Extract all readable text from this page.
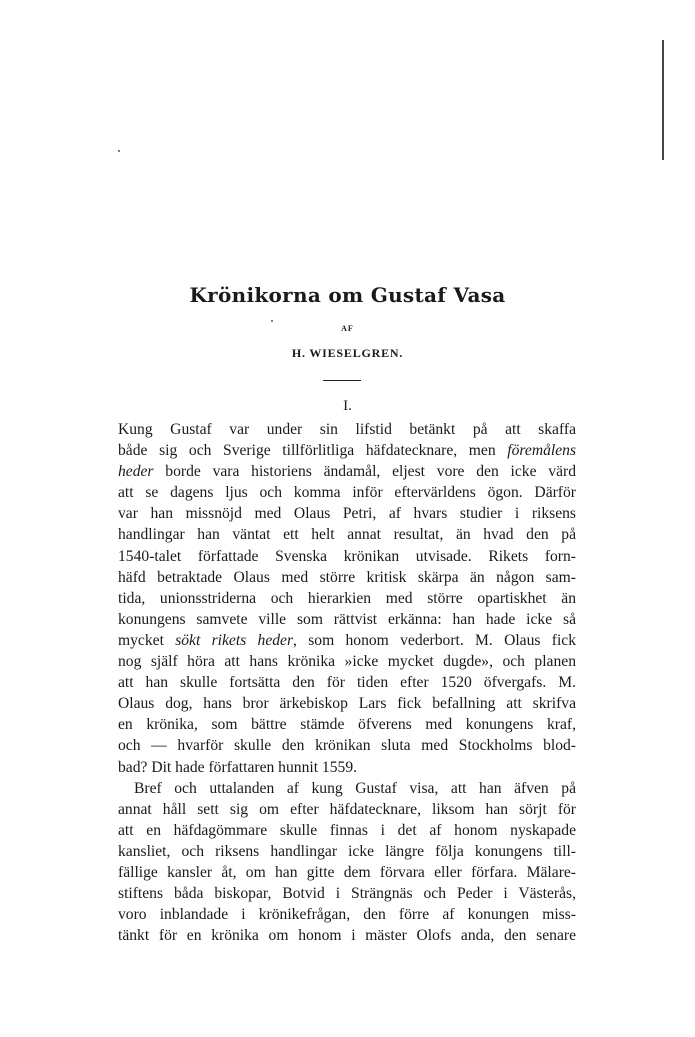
Krönikorna om Gustaf Vasa
AF
H. WIESELGREN.
I.
Kung Gustaf var under sin lifstid betänkt på att skaffa
både sig och Sverige tillförlitliga häfdatecknare, men föremålens
heder borde vara historiens ändamål, eljest vore den icke värd
att se dagens ljus och komma inför eftervärldens ögon. Därför
var han missnöjd med Olaus Petri, af hvars studier i riksens
handlingar han väntat ett helt annat resultat, än hvad den på
1540-talet författade Svenska krönikan utvisade. Rikets forn-
häfd betraktade Olaus med större kritisk skärpa än någon sam-
tida, unionsstriderna och hierarkien med större opartiskhet än
konungens samvete ville som rättvist erkänna: han hade icke så
mycket sökt rikets heder, som honom vederbort. M. Olaus fick
nog själf höra att hans krönika »icke mycket dugde», och planen
att han skulle fortsätta den för tiden efter 1520 öfvergafs. M.
Olaus dog, hans bror ärkebiskop Lars fick befallning att skrifva
en krönika, som bättre stämde öfverens med konungens kraf,
och — hvarför skulle den krönikan sluta med Stockholms blod-
bad? Dit hade författaren hunnit 1559.
Bref och uttalanden af kung Gustaf visa, att han äfven på
annat håll sett sig om efter häfdatecknare, liksom han sörjt för
att en häfdagömmare skulle finnas i det af honom nyskapade
kansliet, och riksens handlingar icke längre följa konungens till-
fällige kansler åt, om han gitte dem förvara eller förfara. Mälare-
stiftens båda biskopar, Botvid i Strängnäs och Peder i Västerås,
voro inblandade i krönikefrågan, den förre af konungen miss-
tänkt för en krönika om honom i mäster Olofs anda, den senare
